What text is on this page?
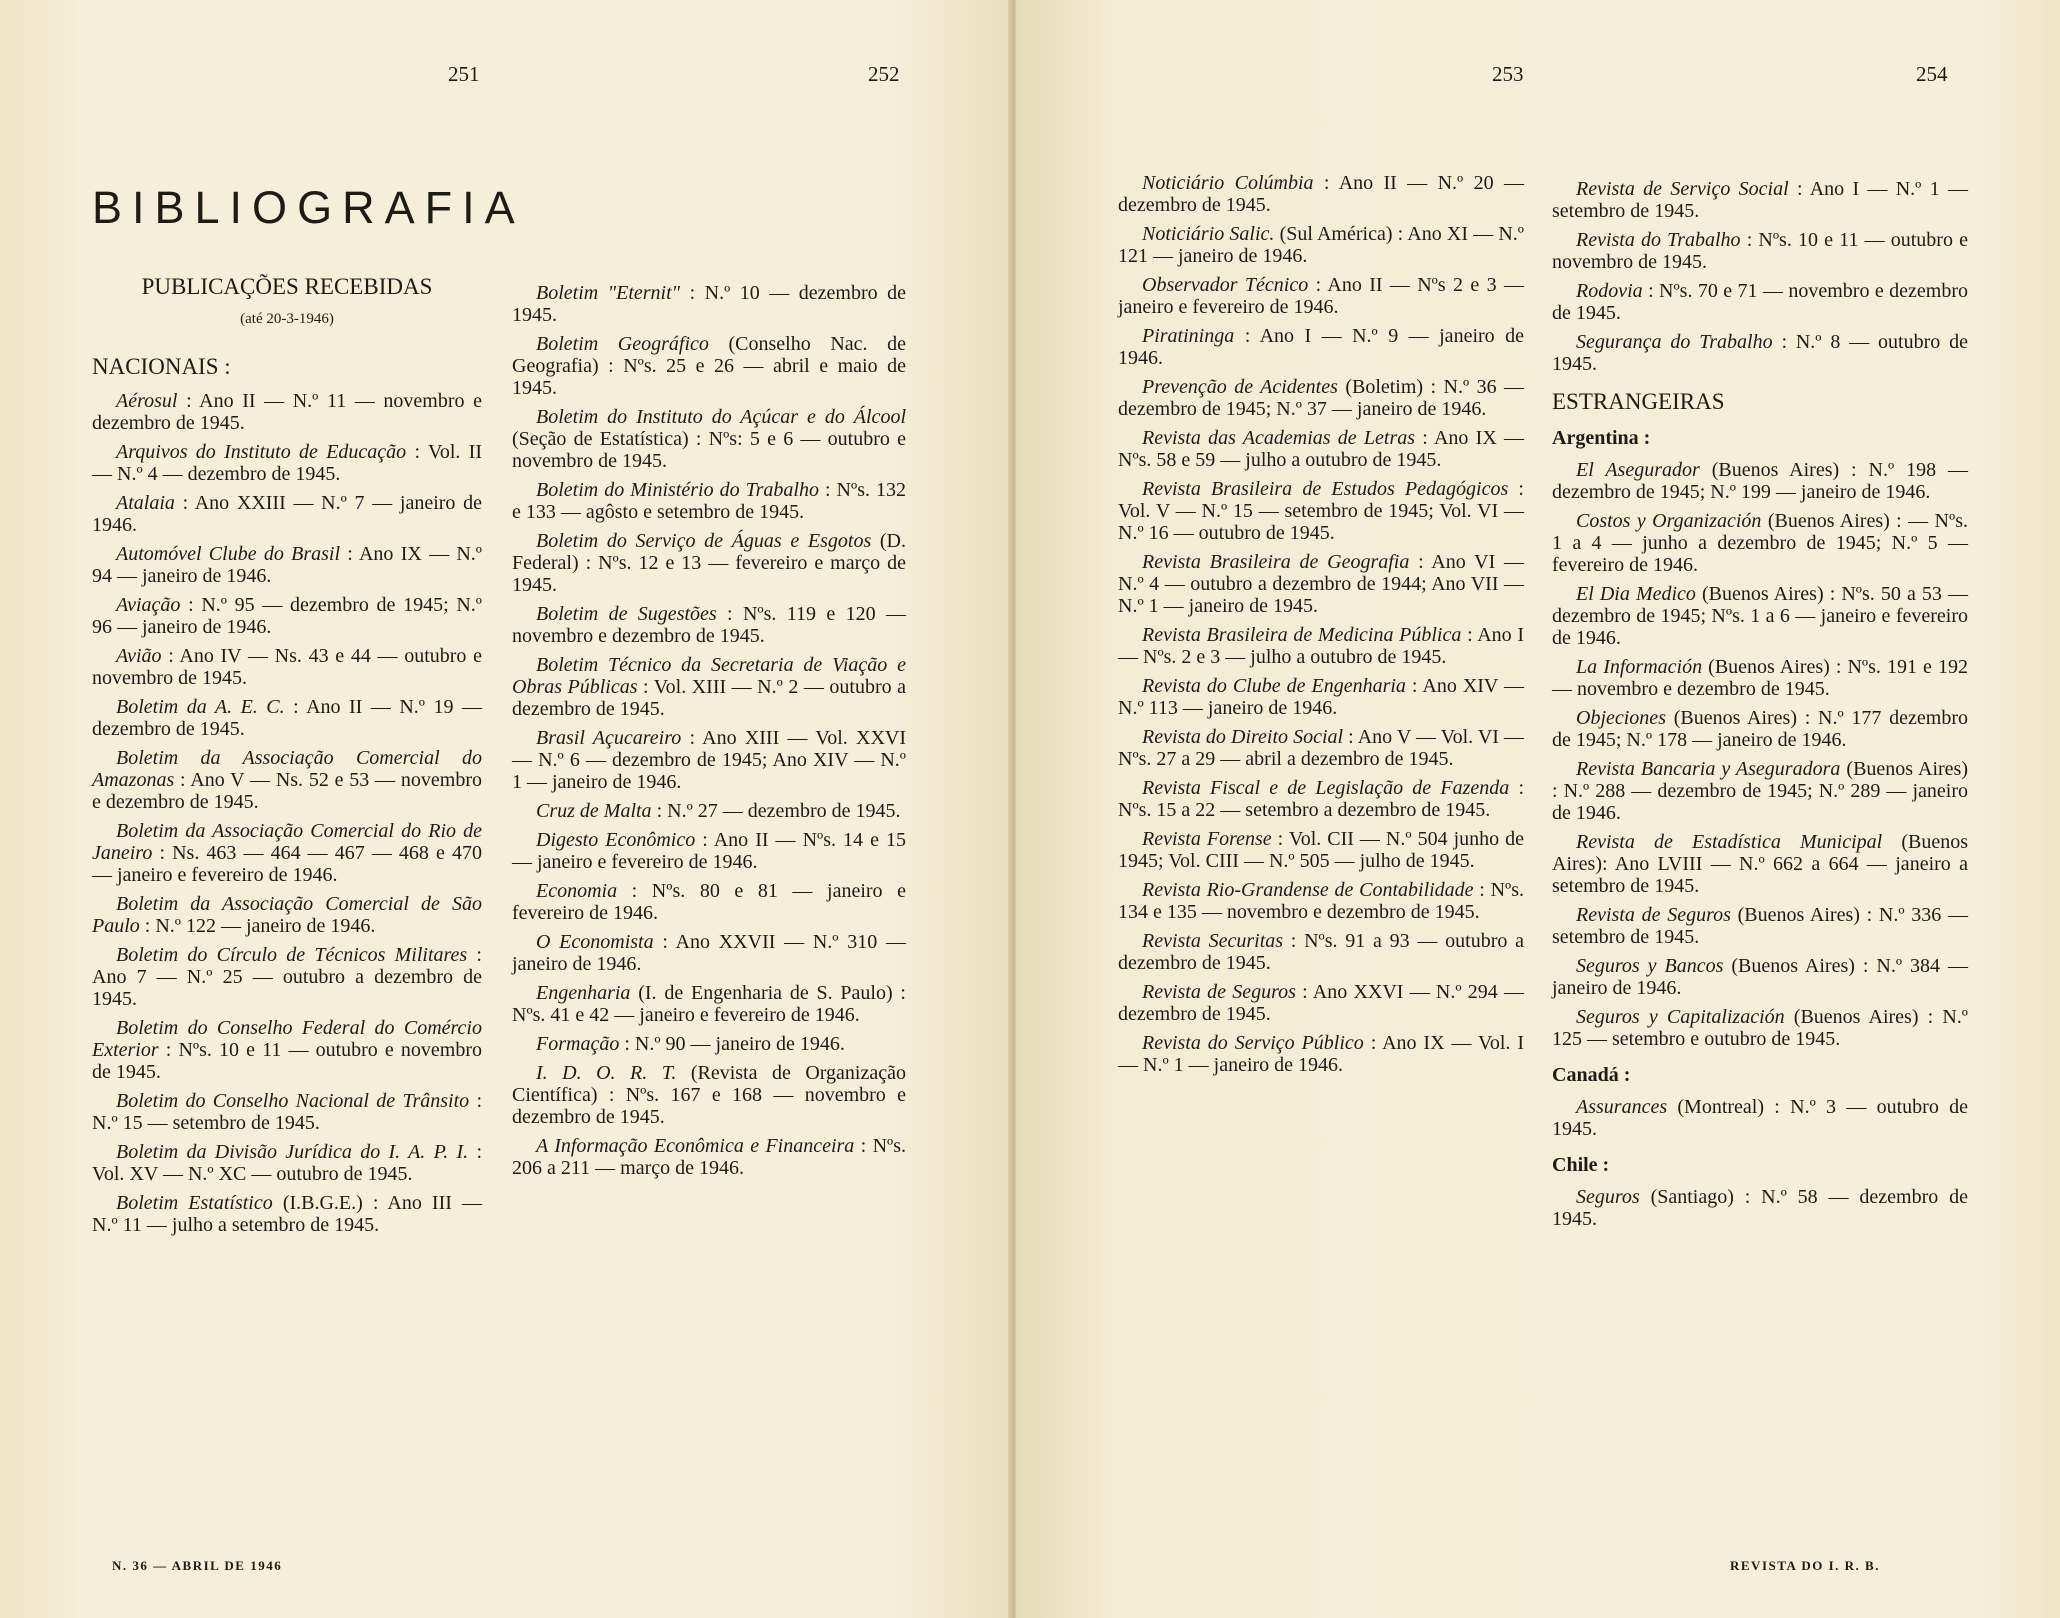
251	252
BIBLIOGRAFIA

PUBLICAÇÕES RECEBIDAS

(até 20-3-1946)

NACIONAIS :

Aérosul : Ano II — N.º 11 — novembro e dezembro de 1945.

Arquivos do Instituto de Educação : Vol. II — N.º 4 — dezembro de 1945.

Atalaia : Ano XXIII — N.º 7 — janeiro de 1946.

Automóvel Clube do Brasil : Ano IX — N.º 94 — janeiro de 1946.

Aviação : N.º 95 — dezembro de 1945; N.º 96 — janeiro de 1946.

Avião : Ano IV — Ns. 43 e 44 — outubro e novembro de 1945.

Boletim da A. E. C. : Ano II — N.º 19 — dezembro de 1945.

Boletim da Associação Comercial do Amazonas : Ano V — Ns. 52 e 53 — novembro e dezembro de 1945.

Boletim da Associação Comercial do Rio de Janeiro : Ns. 463 — 464 — 467 — 468 e 470 — janeiro e fevereiro de 1946.

Boletim da Associação Comercial de São Paulo : N.º 122 — janeiro de 1946.

Boletim do Círculo de Técnicos Militares : Ano 7 — N.º 25 — outubro a dezembro de 1945.

Boletim do Conselho Federal do Comércio Exterior : Nºs. 10 e 11 — outubro e novembro de 1945.

Boletim do Conselho Nacional de Trânsito : N.º 15 — setembro de 1945.

Boletim da Divisão Jurídica do I. A. P. I. : Vol. XV — N.º XC — outubro de 1945.

Boletim Estatístico (I.B.G.E.) : Ano III — N.º 11 — julho a setembro de 1945.

Boletim "Eternit" : N.º 10 — dezembro de 1945.

Boletim Geográfico (Conselho Nac. de Geografia) : Nºs. 25 e 26 — abril e maio de 1945.

Boletim do Instituto do Açúcar e do Álcool (Seção de Estatística) : Nºs: 5 e 6 — outubro e novembro de 1945.

Boletim do Ministério do Trabalho : Nºs. 132 e 133 — agôsto e setembro de 1945.

Boletim do Serviço de Águas e Esgotos (D. Federal) : Nºs. 12 e 13 — fevereiro e março de 1945.

Boletim de Sugestões : Nºs. 119 e 120 — novembro e dezembro de 1945.

Boletim Técnico da Secretaria de Viação e Obras Públicas : Vol. XIII — N.º 2 — outubro a dezembro de 1945.

Brasil Açucareiro : Ano XIII — Vol. XXVI — N.º 6 — dezembro de 1945; Ano XIV — N.º 1 — janeiro de 1946.

Cruz de Malta : N.º 27 — dezembro de 1945.

Digesto Econômico : Ano II — Nºs. 14 e 15 — janeiro e fevereiro de 1946.

Economia : Nºs. 80 e 81 — janeiro e fevereiro de 1946.

O Economista : Ano XXVII — N.º 310 — janeiro de 1946.

Engenharia (I. de Engenharia de S. Paulo) : Nºs. 41 e 42 — janeiro e fevereiro de 1946.

Formação : N.º 90 — janeiro de 1946.

I. D. O. R. T. (Revista de Organização Científica) : Nºs. 167 e 168 — novembro e dezembro de 1945.

A Informação Econômica e Financeira : Nºs. 206 a 211 — março de 1946.

N. 36 — ABRIL DE 1946
253	254

Noticiário Colúmbia : Ano II — N.º 20 — dezembro de 1945.

Noticiário Salic. (Sul América) : Ano XI — N.º 121 — janeiro de 1946.

Observador Técnico : Ano II — Nºs 2 e 3 — janeiro e fevereiro de 1946.

Piratininga : Ano I — N.º 9 — janeiro de 1946.

Prevenção de Acidentes (Boletim) : N.º 36 — dezembro de 1945; N.º 37 — janeiro de 1946.

Revista das Academias de Letras : Ano IX — Nºs. 58 e 59 — julho a outubro de 1945.

Revista Brasileira de Estudos Pedagógicos : Vol. V — N.º 15 — setembro de 1945; Vol. VI — N.º 16 — outubro de 1945.

Revista Brasileira de Geografia : Ano VI — N.º 4 — outubro a dezembro de 1944; Ano VII — N.º 1 — janeiro de 1945.

Revista Brasileira de Medicina Pública : Ano I — Nºs. 2 e 3 — julho a outubro de 1945.

Revista do Clube de Engenharia : Ano XIV — N.º 113 — janeiro de 1946.

Revista do Direito Social : Ano V — Vol. VI — Nºs. 27 a 29 — abril a dezembro de 1945.

Revista Fiscal e de Legislação de Fazenda : Nºs. 15 a 22 — setembro a dezembro de 1945.

Revista Forense : Vol. CII — N.º 504 junho de 1945; Vol. CIII — N.º 505 — julho de 1945.

Revista Rio-Grandense de Contabilidade : Nºs. 134 e 135 — novembro e dezembro de 1945.

Revista Securitas : Nºs. 91 a 93 — outubro a dezembro de 1945.

Revista de Seguros : Ano XXVI — N.º 294 — dezembro de 1945.

Revista do Serviço Público : Ano IX — Vol. I — N.º 1 — janeiro de 1946.

Revista de Serviço Social : Ano I — N.º 1 — setembro de 1945.

Revista do Trabalho : Nºs. 10 e 11 — outubro e novembro de 1945.

Rodovia : Nºs. 70 e 71 — novembro e dezembro de 1945.

Segurança do Trabalho : N.º 8 — outubro de 1945.

ESTRANGEIRAS

Argentina :

El Asegurador (Buenos Aires) : N.º 198 — dezembro de 1945; N.º 199 — janeiro de 1946.

Costos y Organización (Buenos Aires) : — Nºs. 1 a 4 — junho a dezembro de 1945; N.º 5 — fevereiro de 1946.

El Dia Medico (Buenos Aires) : Nºs. 50 a 53 — dezembro de 1945; Nºs. 1 a 6 — janeiro e fevereiro de 1946.

La Información (Buenos Aires) : Nºs. 191 e 192 — novembro e dezembro de 1945.

Objeciones (Buenos Aires) : N.º 177 dezembro de 1945; N.º 178 — janeiro de 1946.

Revista Bancaria y Aseguradora (Buenos Aires) : N.º 288 — dezembro de 1945; N.º 289 — janeiro de 1946.

Revista de Estadística Municipal (Buenos Aires): Ano LVIII — N.º 662 a 664 — janeiro a setembro de 1945.

Revista de Seguros (Buenos Aires) : N.º 336 — setembro de 1945.

Seguros y Bancos (Buenos Aires) : N.º 384 — janeiro de 1946.

Seguros y Capitalización (Buenos Aires) : N.º 125 — setembro e outubro de 1945.

Canadá :

Assurances (Montreal) : N.º 3 — outubro de 1945.

Chile :

Seguros (Santiago) : N.º 58 — dezembro de 1945.

REVISTA DO I. R. B.
